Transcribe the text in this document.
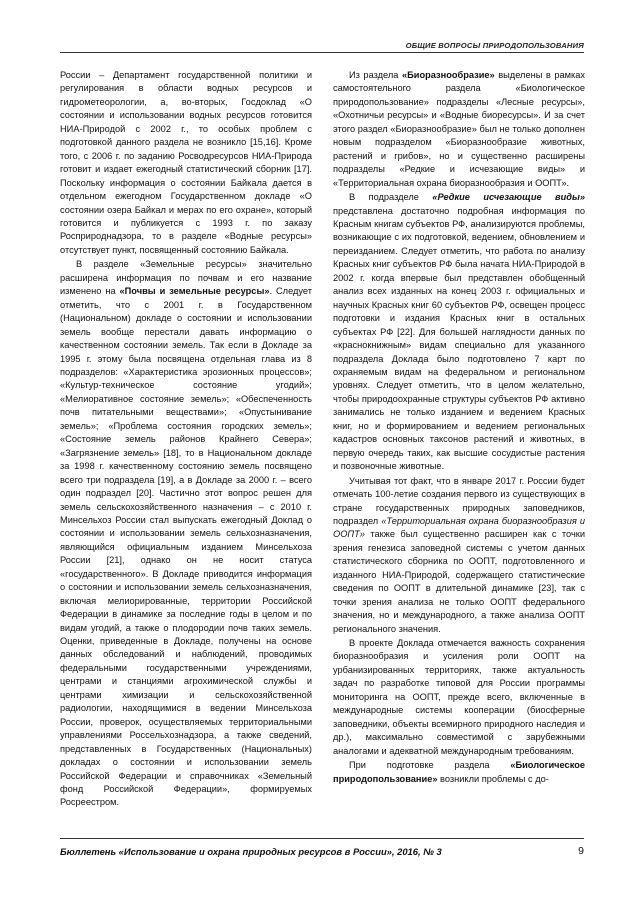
ОБЩИЕ ВОПРОСЫ ПРИРОДОПОЛЬЗОВАНИЯ

России – Департамент государственной политики и регулирования в области водных ресурсов и гидрометеорологии, а, во-вторых, Госдоклад «О состоянии и использовании водных ресурсов готовится НИА-Природой с 2002 г., то особых проблем с подготовкой данного раздела не возникло [15,16]. Кроме того, с 2006 г. по заданию Росводресурсов НИА-Природа готовит и издает ежегодный статистический сборник [17]. Поскольку информация о состоянии Байкала дается в отдельном ежегодном Государственном докладе «О состоянии озера Байкал и мерах по его охране», который готовится и публикуется с 1993 г. по заказу Росприроднадзора, то в разделе «Водные ресурсы» отсутствует пункт, посвященный состоянию Байкала.

В разделе «Земельные ресурсы» значительно расширена информация по почвам и его название изменено на «Почвы и земельные ресурсы». Следует отметить, что с 2001 г. в Государственном (Национальном) докладе о состоянии и использовании земель вообще перестали давать информацию о качественном состоянии земель. Так если в Докладе за 1995 г. этому была посвящена отдельная глава из 8 подразделов: «Характеристика эрозионных процессов»; «Культур-техническое состояние угодий»; «Мелиоративное состояние земель»; «Обеспеченность почв питательными веществами»; «Опустынивание земель»; «Проблема состояния городских земель»; «Состояние земель районов Крайнего Севера»; «Загрязнение земель» [18], то в Национальном докладе за 1998 г. качественному состоянию земель посвящено всего три подраздела [19], а в Докладе за 2000 г. – всего один подраздел [20]. Частично этот вопрос решен для земель сельскохозяйственного назначения – с 2010 г. Минсельхоз России стал выпускать ежегодный Доклад о состоянии и использовании земель сельхозназначения, являющийся официальным изданием Минсельхоза России [21], однако он не носит статуса «государственного». В Докладе приводится информация о состоянии и использовании земель сельхозназначения, включая мелиорированные, территории Российской Федерации в динамике за последние годы в целом и по видам угодий, а также о плодородии почв таких земель. Оценки, приведенные в Докладе, получены на основе данных обследований и наблюдений, проводимых федеральными государственными учреждениями, центрами и станциями агрохимической службы и центрами химизации и сельскохозяйственной радиологии, находящимися в ведении Минсельхоза России, проверок, осуществляемых территориальными управлениями Россельхознадзора, а также сведений, представленных в Государственных (Национальных) докладах о состоянии и использовании земель Российской Федерации и справочниках «Земельный фонд Российской Федерации», формируемых Росреестром.

Из раздела «Биоразнообразие» выделены в рамках самостоятельного раздела «Биологическое природопользование» подразделы «Лесные ресурсы», «Охотничьи ресурсы» и «Водные биоресурсы». И за счет этого раздел «Биоразнообразие» был не только дополнен новым подразделом «Биоразнообразие животных, растений и грибов», но и существенно расширены подразделы «Редкие и исчезающие виды» и «Территориальная охрана биоразнообразия и ООПТ».

В подразделе «Редкие исчезающие виды» представлена достаточно подробная информация по Красным книгам субъектов РФ, анализируются проблемы, возникающие с их подготовкой, ведением, обновлением и переизданием. Следует отметить, что работа по анализу Красных книг субъектов РФ была начата НИА-Природой в 2002 г. когда впервые был представлен обобщенный анализ всех изданных на конец 2003 г. официальных и научных Красных книг 60 субъектов РФ, освещен процесс подготовки и издания Красных книг в остальных субъектах РФ [22]. Для большей наглядности данных по «краснокнижным» видам специально для указанного подраздела Доклада было подготовлено 7 карт по охраняемым видам на федеральном и региональном уровнях. Следует отметить, что в целом желательно, чтобы природоохранные структуры субъектов РФ активно занимались не только изданием и ведением Красных книг, но и формированием и ведением региональных кадастров основных таксонов растений и животных, в первую очередь таких, как высшие сосудистые растения и позвоночные животные.

Учитывая тот факт, что в январе 2017 г. России будет отмечать 100-летие создания первого из существующих в стране государственных природных заповедников, подраздел «Территориальная охрана биоразнообразия и ООПТ» также был существенно расширен как с точки зрения генезиса заповедной системы с учетом данных статистического сборника по ООПТ, подготовленного и изданного НИА-Природой, содержащего статистические сведения по ООПТ в длительной динамике [23], так с точки зрения анализа не только ООПТ федерального значения, но и международного, а также анализа ООПТ регионального значения.

В проекте Доклада отмечается важность сохранения биоразнообразия и усиления роли ООПТ на урбанизированных территориях, также актуальность задач по разработке типовой для России программы мониторинга на ООПТ, прежде всего, включенные в международные системы кооперации (биосферные заповедники, объекты всемирного природного наследия и др.), максимально совместимой с зарубежными аналогами и адекватной международным требованиям.

При подготовке раздела «Биологическое природопользование» возникли проблемы с до-

Бюллетень «Использование и охрана природных ресурсов в России», 2016, № 3	9
